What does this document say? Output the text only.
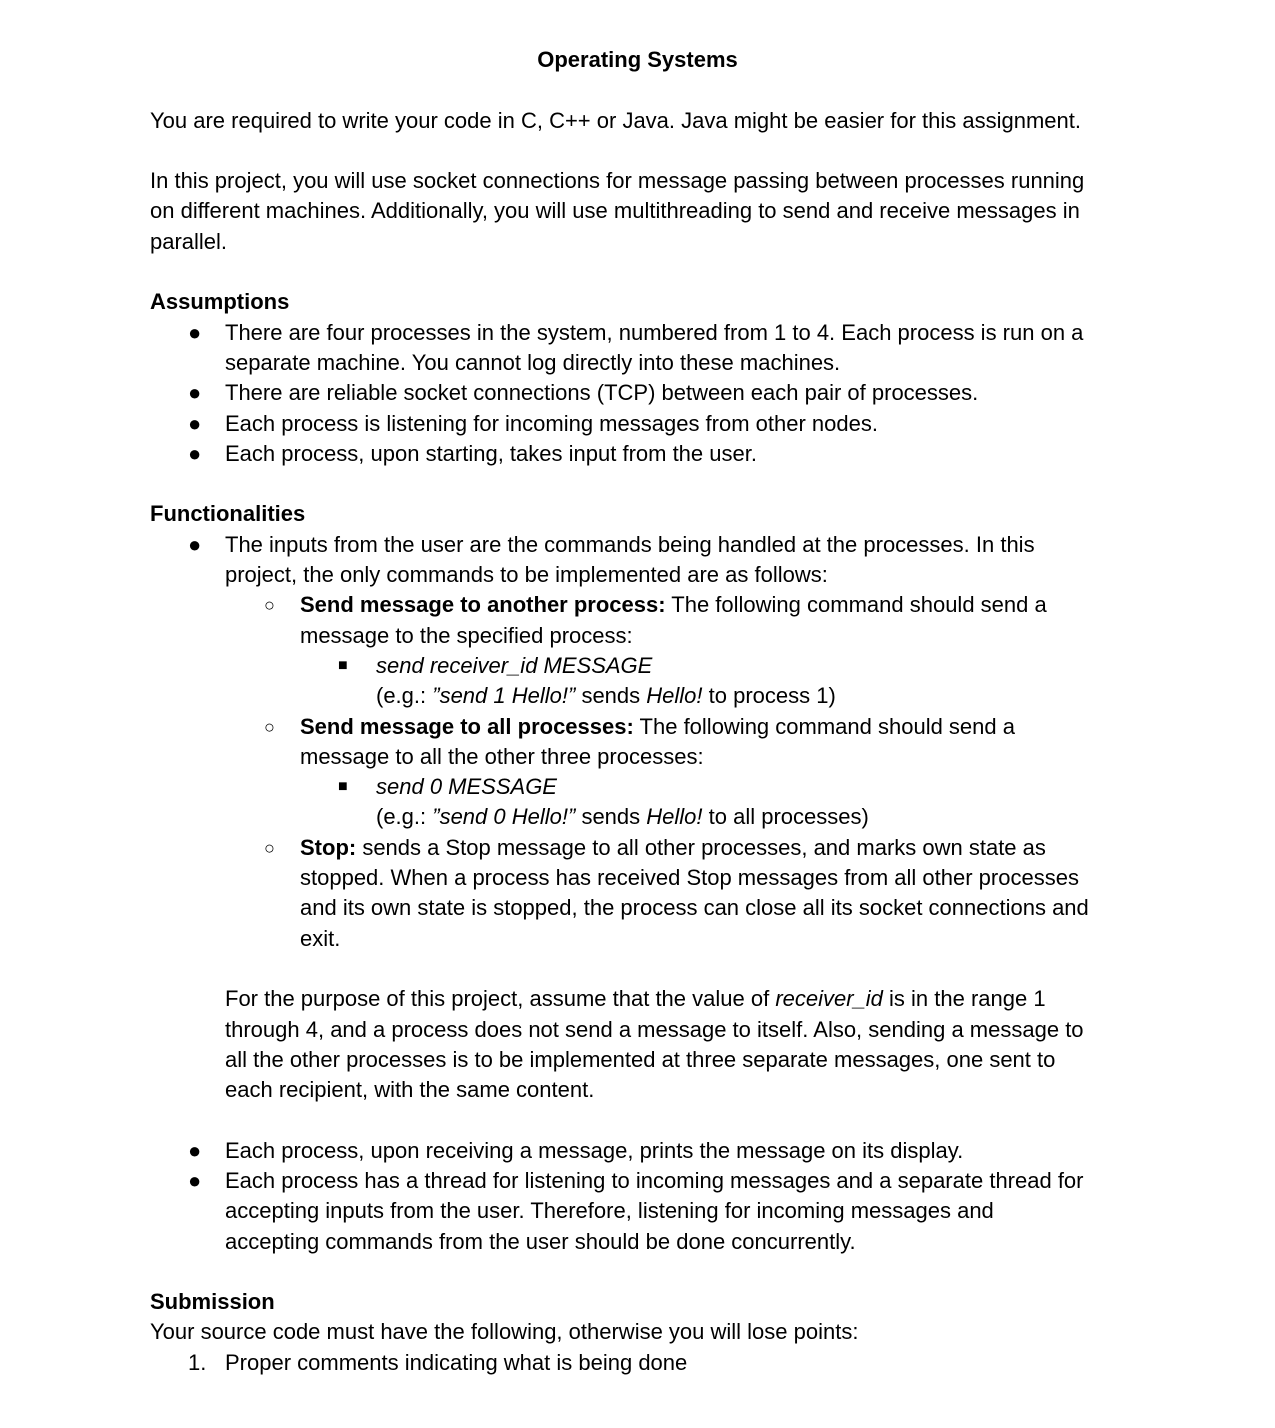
Operating Systems
You are required to write your code in C, C++ or Java. Java might be easier for this assignment.
In this project, you will use socket connections for message passing between processes running
on different machines. Additionally, you will use multithreading to send and receive messages in
parallel.
Assumptions
● There are four processes in the system, numbered from 1 to 4. Each process is run on a
separate machine. You cannot log directly into these machines.
● There are reliable socket connections (TCP) between each pair of processes.
● Each process is listening for incoming messages from other nodes.
● Each process, upon starting, takes input from the user.
Functionalities
● The inputs from the user are the commands being handled at the processes. In this
project, the only commands to be implemented are as follows:
○ Send message to another process: The following command should send a
message to the specified process:
■ send receiver_id MESSAGE
(e.g.: ”send 1 Hello!” sends Hello! to process 1)
○ Send message to all processes: The following command should send a
message to all the other three processes:
■ send 0 MESSAGE
(e.g.: ”send 0 Hello!” sends Hello! to all processes)
○ Stop: sends a Stop message to all other processes, and marks own state as
stopped. When a process has received Stop messages from all other processes
and its own state is stopped, the process can close all its socket connections and
exit.
For the purpose of this project, assume that the value of receiver_id is in the range 1
through 4, and a process does not send a message to itself. Also, sending a message to
all the other processes is to be implemented at three separate messages, one sent to
each recipient, with the same content.
● Each process, upon receiving a message, prints the message on its display.
● Each process has a thread for listening to incoming messages and a separate thread for
accepting inputs from the user. Therefore, listening for incoming messages and
accepting commands from the user should be done concurrently.
Submission
Your source code must have the following, otherwise you will lose points:
1. Proper comments indicating what is being done
